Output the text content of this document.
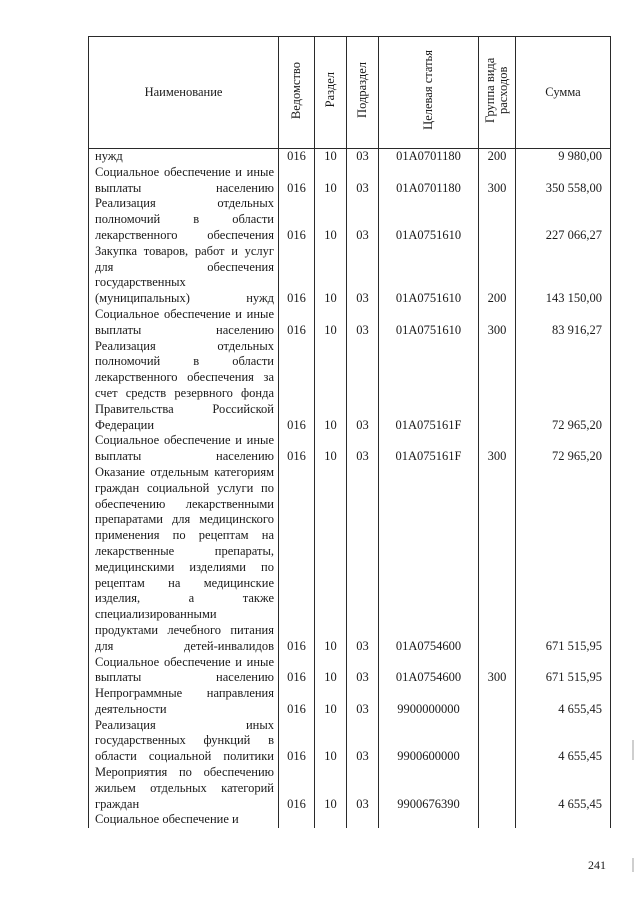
Наименование	Ведомство	Раздел	Подраздел	Целевая статья	Группа вида расходов	Сумма
нужд	016	10	03	01А0701180	200	9 980,00
Социальное обеспечение и иные выплаты населению	016	10	03	01А0701180	300	350 558,00
Реализация отдельных полномочий в области лекарственного обеспечения	016	10	03	01А0751610		227 066,27
Закупка товаров, работ и услуг для обеспечения государственных (муниципальных) нужд	016	10	03	01А0751610	200	143 150,00
Социальное обеспечение и иные выплаты населению	016	10	03	01А0751610	300	83 916,27
Реализация отдельных полномочий в области лекарственного обеспечения за счет средств резервного фонда Правительства Российской Федерации	016	10	03	01А075161F		72 965,20
Социальное обеспечение и иные выплаты населению	016	10	03	01А075161F	300	72 965,20
Оказание отдельным категориям граждан социальной услуги по обеспечению лекарственными препаратами для медицинского применения по рецептам на лекарственные препараты, медицинскими изделиями по рецептам на медицинские изделия, а также специализированными продуктами лечебного питания для детей-инвалидов	016	10	03	01А0754600		671 515,95
Социальное обеспечение и иные выплаты населению	016	10	03	01А0754600	300	671 515,95
Непрограммные направления деятельности	016	10	03	9900000000		4 655,45
Реализация иных государственных функций в области социальной политики	016	10	03	9900600000		4 655,45
Мероприятия по обеспечению жильем отдельных категорий граждан	016	10	03	9900676390		4 655,45
Социальное обеспечение и						
241
